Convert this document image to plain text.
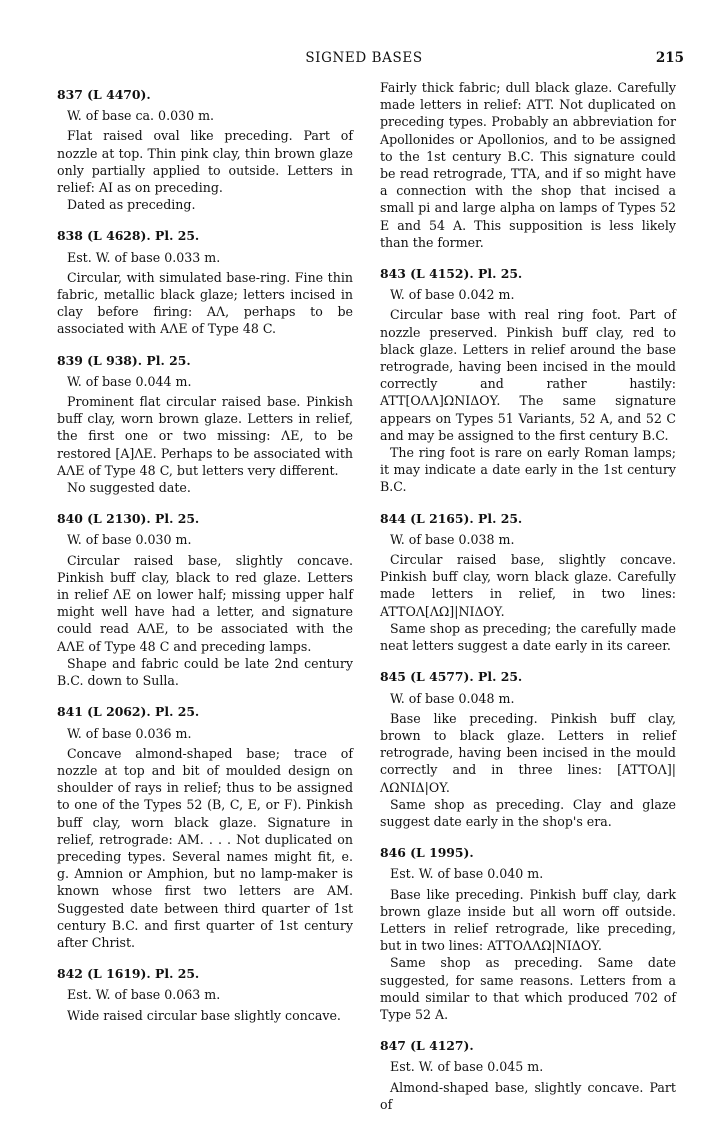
SIGNED BASES	215
837 (L 4470).
W. of base ca. 0.030 m.

Flat raised oval like preceding. Part of nozzle at top. Thin pink clay, thin brown glaze only partially applied to outside. Letters in relief: AI as on preceding.

Dated as preceding.

838 (L 4628). Pl. 25.
Est. W. of base 0.033 m.

Circular, with simulated base-ring. Fine thin fabric, metallic black glaze; letters incised in clay before firing: AΛ, perhaps to be associated with AΛE of Type 48 C.

839 (L 938). Pl. 25.
W. of base 0.044 m.

Prominent flat circular raised base. Pinkish buff clay, worn brown glaze. Letters in relief, the first one or two missing: ΛE, to be restored [A]ΛE. Perhaps to be associated with AΛE of Type 48 C, but letters very different.

No suggested date.

840 (L 2130). Pl. 25.
W. of base 0.030 m.

Circular raised base, slightly concave. Pinkish buff clay, black to red glaze. Letters in relief ΛE on lower half; missing upper half might well have had a letter, and signature could read AΛE, to be associated with the AΛE of Type 48 C and preceding lamps.

Shape and fabric could be late 2nd century B.C. down to Sulla.

841 (L 2062). Pl. 25.
W. of base 0.036 m.

Concave almond-shaped base; trace of nozzle at top and bit of moulded design on shoulder of rays in relief; thus to be assigned to one of the Types 52 (B, C, E, or F). Pinkish buff clay, worn black glaze. Signature in relief, retrograde: AM. . . . Not duplicated on preceding types. Several names might fit, e. g. Amnion or Amphion, but no lamp-maker is known whose first two letters are AM. Suggested date between third quarter of 1st century B.C. and first quarter of 1st century after Christ.

842 (L 1619). Pl. 25.
Est. W. of base 0.063 m.

Wide raised circular base slightly concave.

Fairly thick fabric; dull black glaze. Carefully made letters in relief: ATT. Not duplicated on preceding types. Probably an abbreviation for Apollonides or Apollonios, and to be assigned to the 1st century B.C. This signature could be read retrograde, TTA, and if so might have a connection with the shop that incised a small pi and large alpha on lamps of Types 52 E and 54 A. This supposition is less likely than the former.

843 (L 4152). Pl. 25.
W. of base 0.042 m.

Circular base with real ring foot. Part of nozzle preserved. Pinkish buff clay, red to black glaze. Letters in relief around the base retrograde, having been incised in the mould correctly and rather hastily: ATT[OΛΛ]ΩNIΔOY. The same signature appears on Types 51 Variants, 52 A, and 52 C and may be assigned to the first century B.C.

The ring foot is rare on early Roman lamps; it may indicate a date early in the 1st century B.C.

844 (L 2165). Pl. 25.
W. of base 0.038 m.

Circular raised base, slightly concave. Pinkish buff clay, worn black glaze. Carefully made letters in relief, in two lines: ATTOΛ[ΛΩ]|NIΔOY.

Same shop as preceding; the carefully made neat letters suggest a date early in its career.

845 (L 4577). Pl. 25.
W. of base 0.048 m.

Base like preceding. Pinkish buff clay, brown to black glaze. Letters in relief retrograde, having been incised in the mould correctly and in three lines: [ATTOΛ]|ΛΩNIΔ|OY.

Same shop as preceding. Clay and glaze suggest date early in the shop's era.

846 (L 1995).
Est. W. of base 0.040 m.

Base like preceding. Pinkish buff clay, dark brown glaze inside but all worn off outside. Letters in relief retrograde, like preceding, but in two lines: ATTOΛΛΩ|NIΔOY.

Same shop as preceding. Same date suggested, for same reasons. Letters from a mould similar to that which produced 702 of Type 52 A.

847 (L 4127).
Est. W. of base 0.045 m.

Almond-shaped base, slightly concave. Part of
